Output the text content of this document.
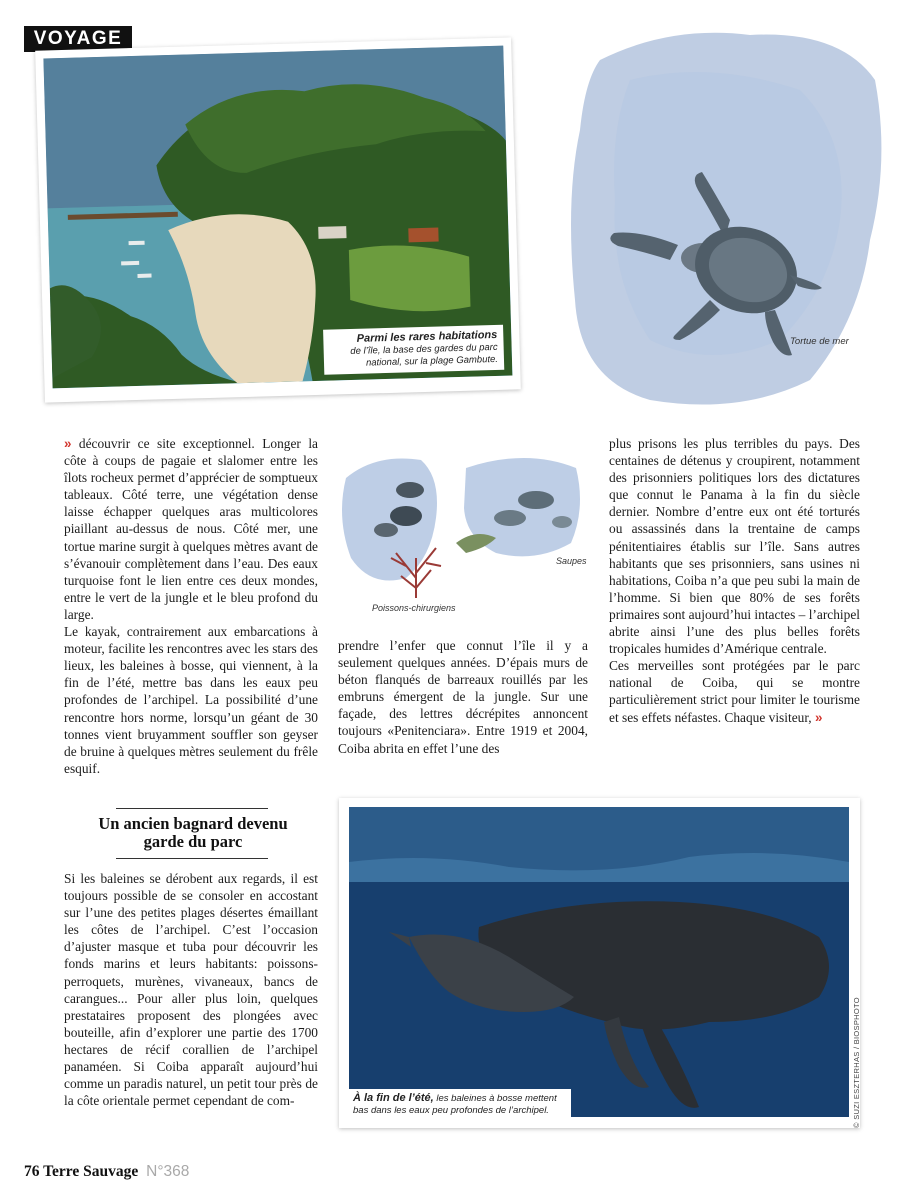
VOYAGE
Parmi les rares habitations
de l’île, la base des gardes du parc national, sur la plage Gambute.
Tortue de mer

» découvrir ce site exceptionnel. Longer la côte à coups de pagaie et slalomer entre les îlots rocheux permet d’apprécier de somptueux tableaux. Côté terre, une végétation dense laisse échapper quelques aras multicolores piaillant au-dessus de nous. Côté mer, une tortue marine surgit à quelques mètres avant de s’évanouir complètement dans l’eau. Des eaux turquoise font le lien entre ces deux mondes, entre le vert de la jungle et le bleu profond du large.

Le kayak, contrairement aux embarcations à moteur, facilite les rencontres avec les stars des lieux, les baleines à bosse, qui viennent, à la fin de l’été, mettre bas dans les eaux peu profondes de l’archipel. La possibilité d’une rencontre hors norme, lorsqu’un géant de 30 tonnes vient bruyamment souffler son geyser de bruine à quelques mètres seulement du frêle esquif.

Saupes
Poissons-chirurgiens

prendre l’enfer que connut l’île il y a seulement quelques années. D’épais murs de béton flanqués de barreaux rouillés par les embruns émergent de la jungle. Sur une façade, des lettres décrépites annoncent toujours «Penitenciara». Entre 1919 et 2004, Coiba abrita en effet l’une des

plus prisons les plus terribles du pays. Des centaines de détenus y croupirent, notamment des prisonniers politiques lors des dictatures que connut le Panama à la fin du siècle dernier. Nombre d’entre eux ont été torturés ou assassinés dans la trentaine de camps pénitentiaires établis sur l’île. Sans autres habitants que ses prisonniers, sans usines ni habitations, Coiba n’a que peu subi la main de l’homme. Si bien que 80% de ses forêts primaires sont aujourd’hui intactes – l’archipel abrite ainsi l’une des plus belles forêts tropicales humides d’Amérique centrale.

Ces merveilles sont protégées par le parc national de Coiba, qui se montre particulièrement strict pour limiter le tourisme et ses effets néfastes. Chaque visiteur, »

Un ancien bagnard devenu garde du parc

Si les baleines se dérobent aux regards, il est toujours possible de se consoler en accostant sur l’une des petites plages désertes émaillant les côtes de l’archipel. C’est l’occasion d’ajuster masque et tuba pour découvrir les fonds marins et leurs habitants: poissons-perroquets, murènes, vivaneaux, bancs de carangues... Pour aller plus loin, quelques prestataires proposent des plongées avec bouteille, afin d’explorer une partie des 1700 hectares de récif corallien de l’archipel panaméen. Si Coiba apparaît aujourd’hui comme un paradis naturel, un petit tour près de la côte orientale permet cependant de com-	À la fin de l’été, les baleines à bosse mettent bas dans les eaux peu profondes de l’archipel.	© SUZI ESZTERHAS / BIOSPHOTO
76 Terre Sauvage N°368
